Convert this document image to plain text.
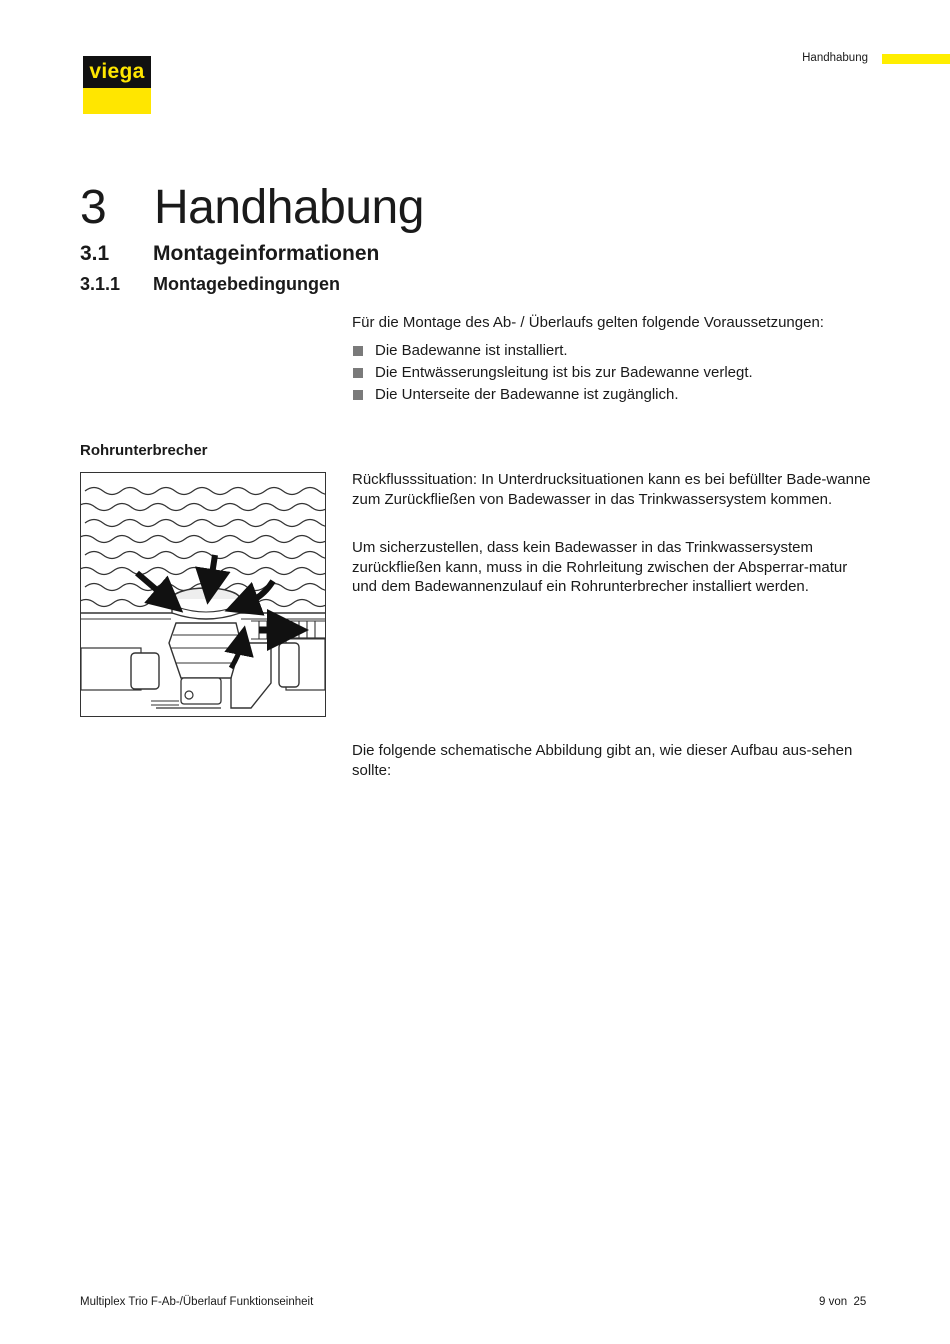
viega
Handhabung
3 Handhabung
3.1 Montageinformationen
3.1.1 Montagebedingungen
Für die Montage des Ab- / Überlaufs gelten folgende Voraussetzungen:
Die Badewanne ist installiert.
Die Entwässerungsleitung ist bis zur Badewanne verlegt.
Die Unterseite der Badewanne ist zugänglich.
Rohrunterbrecher
Rückflusssituation: In Unterdrucksituationen kann es bei befüllter Bade-wanne zum Zurückfließen von Badewasser in das Trinkwassersystem kommen.
Um sicherzustellen, dass kein Badewasser in das Trinkwassersystem zurückfließen kann, muss in die Rohrleitung zwischen der Absperrar-matur und dem Badewannenzulauf ein Rohrunterbrecher installiert werden.
Die folgende schematische Abbildung gibt an, wie dieser Aufbau aus-sehen sollte:
Multiplex Trio F-Ab-/Überlauf Funktionseinheit	9 von  25
